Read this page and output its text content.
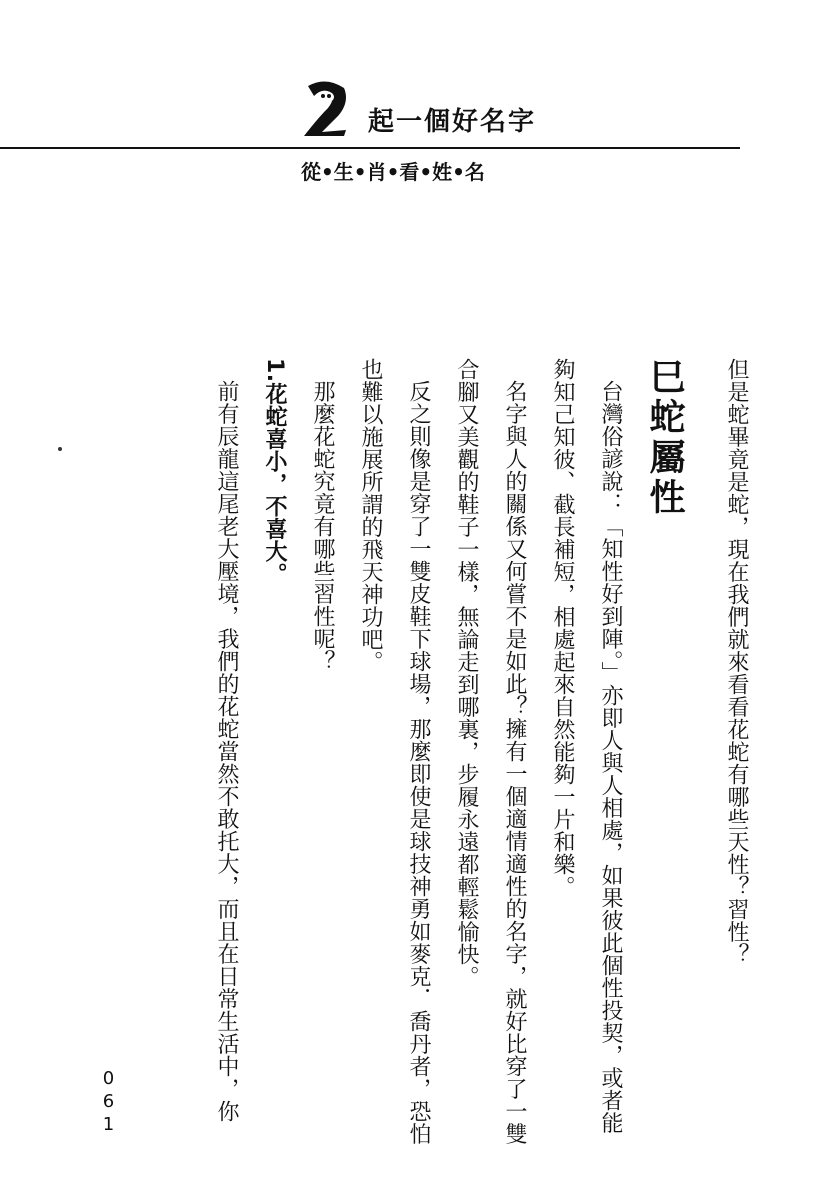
起一個好名字
從•生•肖•看•姓•名

但是蛇畢竟是蛇，現在我們就來看看花蛇有哪些天性？習性？

巳蛇屬性

台灣俗諺說：「知性好到陣。」亦即人與人相處，如果彼此個性投契，或者能夠知己知彼、截長補短，相處起來自然能夠一片和樂。

名字與人的關係又何嘗不是如此？擁有一個適情適性的名字，就好比穿了一雙合腳又美觀的鞋子一樣，無論走到哪裏，步履永遠都輕鬆愉快。

反之則像是穿了一雙皮鞋下球場，那麼即使是球技神勇如麥克．喬丹者，恐怕也難以施展所謂的飛天神功吧。

那麼花蛇究竟有哪些習性呢？

1.花蛇喜小，不喜大。

前有辰龍這尾老大壓境，我們的花蛇當然不敢托大，而且在日常生活中，你

061
